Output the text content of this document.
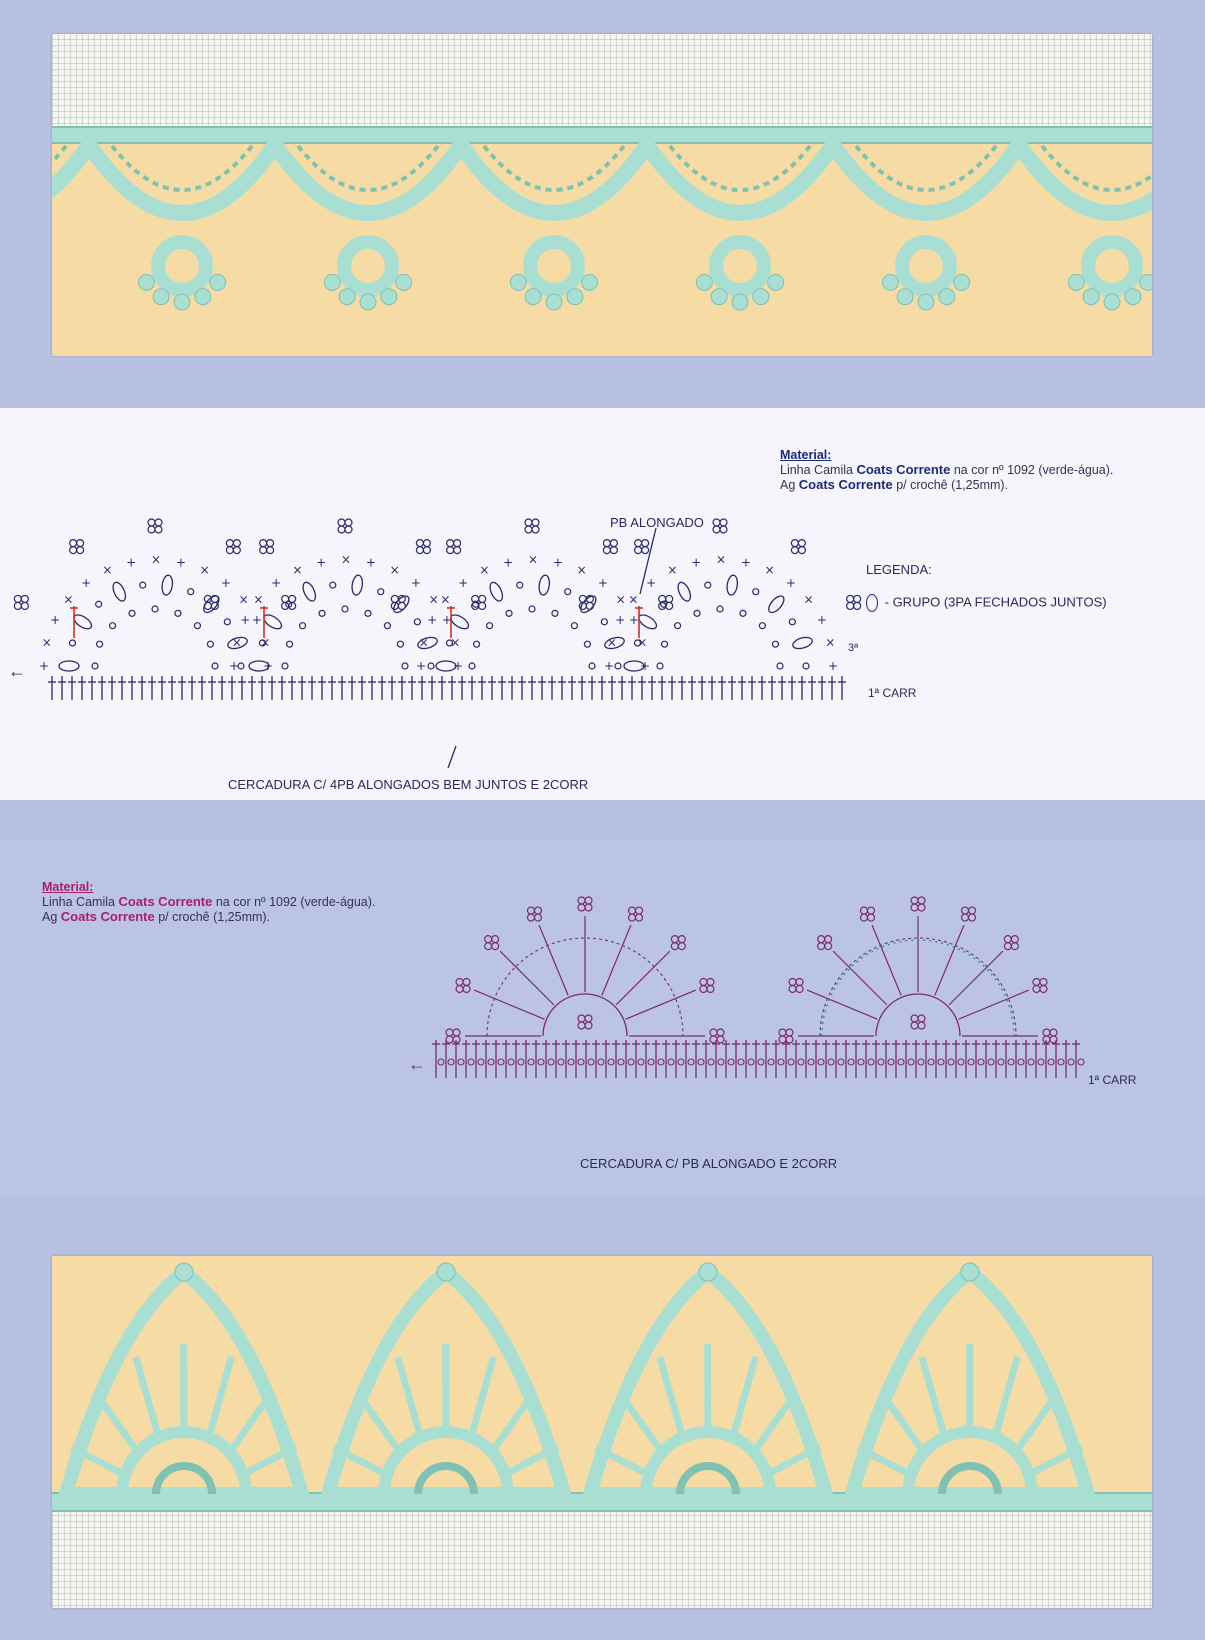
Material:
Linha Camila Coats Corrente na cor nº 1092 (verde-água).
Ag Coats Corrente p/ crochê (1,25mm).
PB ALONGADO
LEGENDA:
- GRUPO (3PA FECHADOS JUNTOS)
3ª
1ª CARR
CERCADURA C/ 4PB ALONGADOS BEM JUNTOS E 2CORR
← +
×
+
×
+
×
+ × +
×
+
×
+
×
+
+
×
+
×
+
×
+ × +
×
+
×
+
×
+
+
×
+
×
+
×
+ × +
×
+
×
+
×
+
+
×
+
×
+
×
+ × +
×
+
×
+
×
+
Material:
Linha Camila Coats Corrente na cor nº 1092 (verde-água).
Ag Coats Corrente p/ crochê (1,25mm).
1ª CARR
CERCADURA C/ PB ALONGADO E 2CORR
←
